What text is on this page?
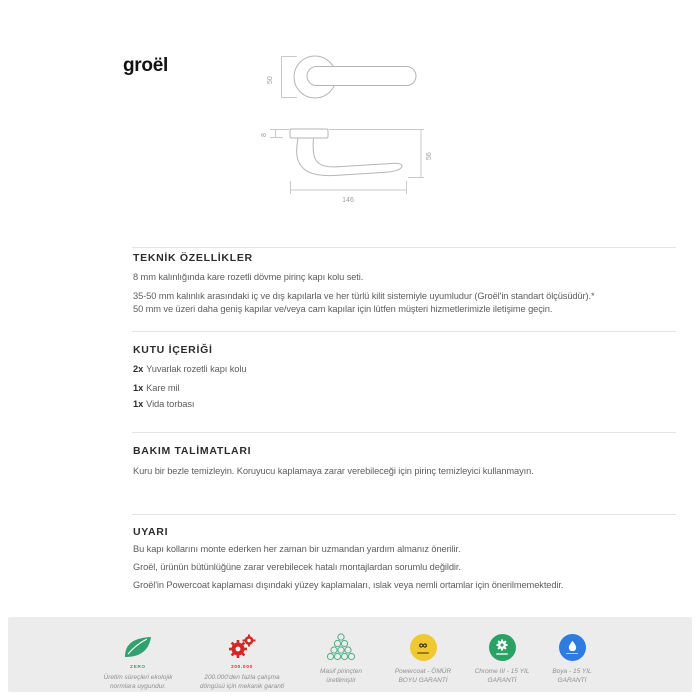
groël
50
8
56
146
TEKNİK ÖZELLİKLER
8 mm kalınlığında kare rozetli dövme pirinç kapı kolu seti.
35-50 mm kalınlık arasındaki iç ve dış kapılarla ve her türlü kilit sistemiyle uyumludur (Groël'in standart ölçüsüdür).*
50 mm ve üzeri daha geniş kapılar ve/veya cam kapılar için lütfen müşteri hizmetlerimizle iletişime geçin.
KUTU İÇERİĞİ
2x Yuvarlak rozetli kapı kolu
1x Kare mil
1x Vida torbası
BAKIM TALİMATLARI
Kuru bir bezle temizleyin. Koruyucu kaplamaya zarar verebileceği için pirinç temizleyici kullanmayın.
UYARI
Bu kapı kollarını monte ederken her zaman bir uzmandan yardım almanız önerilir.
Groël, ürünün bütünlüğüne zarar verebilecek hatalı montajlardan sorumlu değildir.
Groël'in Powercoat kaplaması dışındaki yüzey kaplamaları, ıslak veya nemli ortamlar için önerilmemektedir.
ZERO
Üretim süreçleri ekolojik
normlara uygundur.
200.000
200.000'den fazla çalışma
döngüsü için mekanik garanti
Masif pirinçten
üretilmiştir
∞
Powercoat - ÖMÜR
BOYU GARANTİ
Chrome III - 15 YIL
GARANTİ
Boya - 15 YIL
GARANTİ
